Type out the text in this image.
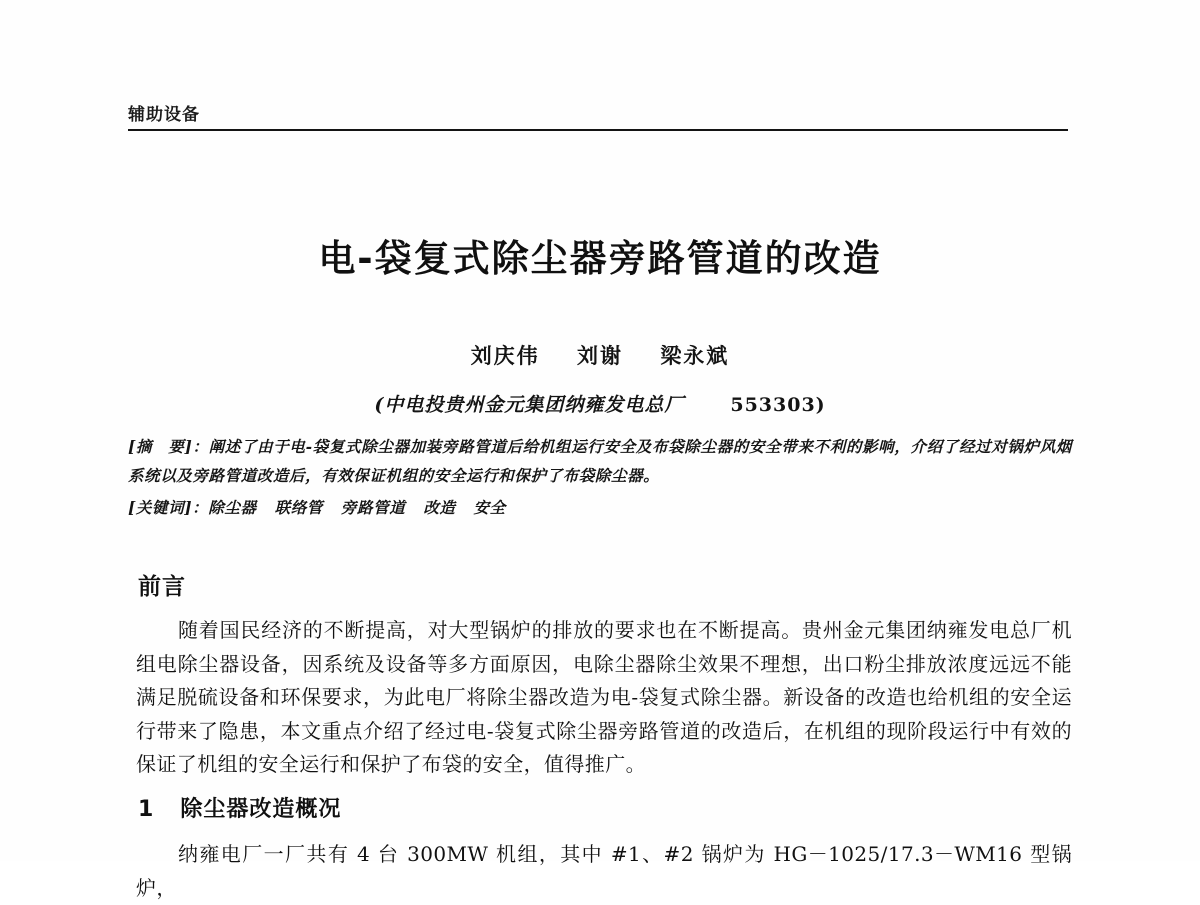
辅助设备
电-袋复式除尘器旁路管道的改造
刘庆伟 刘谢 梁永斌
(中电投贵州金元集团纳雍发电总厂 553303)
[摘　要]：阐述了由于电-袋复式除尘器加装旁路管道后给机组运行安全及布袋除尘器的安全带来不利的影响，介绍了经过对锅炉风烟系统以及旁路管道改造后，有效保证机组的安全运行和保护了布袋除尘器。
[关键词]：除尘器 联络管 旁路管道 改造 安全
前言
随着国民经济的不断提高，对大型锅炉的排放的要求也在不断提高。贵州金元集团纳雍发电总厂机组电除尘器设备，因系统及设备等多方面原因，电除尘器除尘效果不理想，出口粉尘排放浓度远远不能满足脱硫设备和环保要求，为此电厂将除尘器改造为电-袋复式除尘器。新设备的改造也给机组的安全运行带来了隐患，本文重点介绍了经过电-袋复式除尘器旁路管道的改造后，在机组的现阶段运行中有效的保证了机组的安全运行和保护了布袋的安全，值得推广。
1 除尘器改造概况
纳雍电厂一厂共有 4 台 300MW 机组，其中 #1、#2 锅炉为 HG－1025/17.3－WM16 型锅炉，
